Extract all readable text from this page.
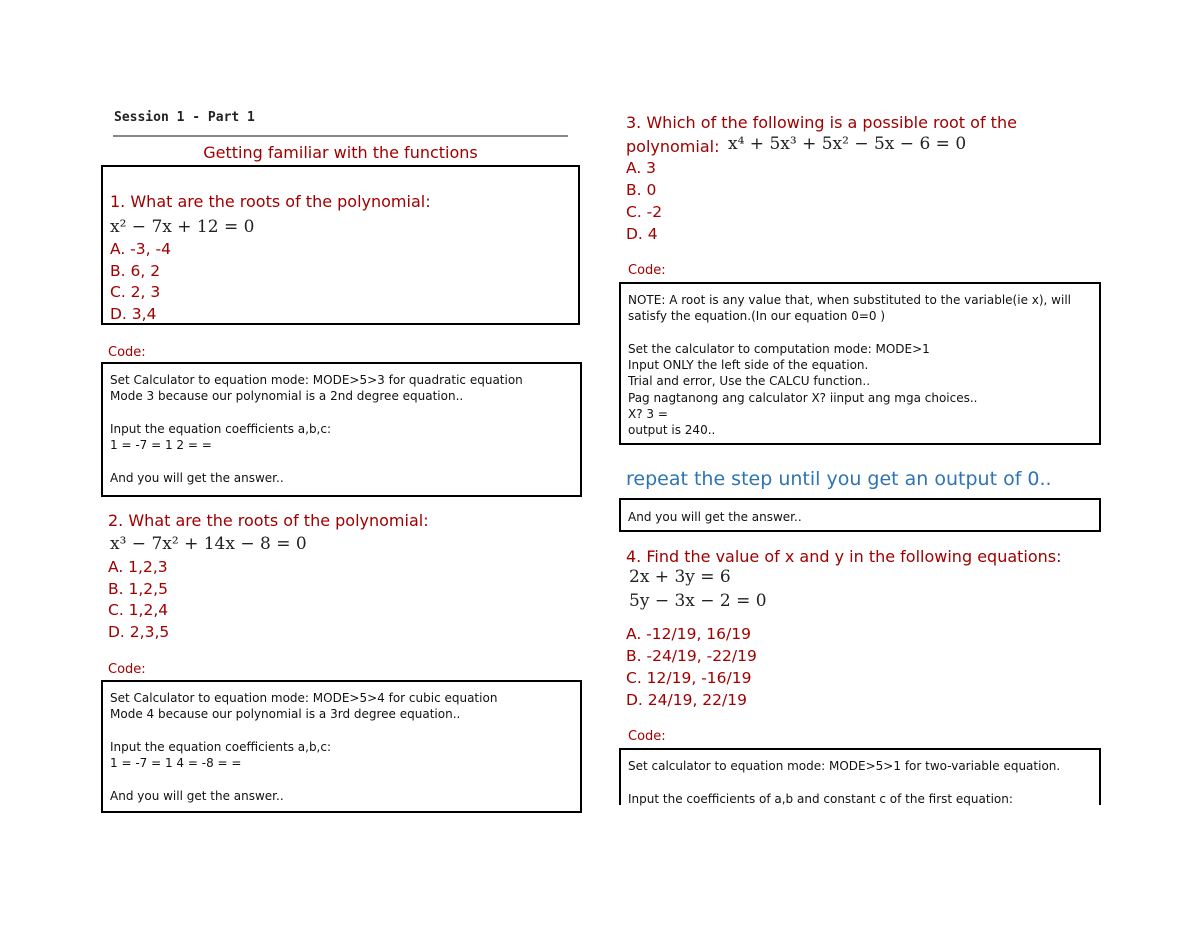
Session 1 - Part 1
Getting familiar with the functions
1. What are the roots of the polynomial:
x² − 7x + 12 = 0
A. -3, -4
B. 6, 2
C. 2, 3
D. 3,4
Code:
Set Calculator to equation mode: MODE>5>3 for quadratic equation
Mode 3 because our polynomial is a 2nd degree equation..
Input the equation coefficients a,b,c:
1 = -7 = 1 2 = =
And you will get the answer..
2. What are the roots of the polynomial:
x³ − 7x² + 14x − 8 = 0
A. 1,2,3
B. 1,2,5
C. 1,2,4
D. 2,3,5
Code:
Set Calculator to equation mode: MODE>5>4 for cubic equation
Mode 4 because our polynomial is a 3rd degree equation..
Input the equation coefficients a,b,c:
1 = -7 = 1 4 = -8 = =
And you will get the answer..
3. Which of the following is a possible root of the
polynomial: x⁴ + 5x³ + 5x² − 5x − 6 = 0
A. 3
B. 0
C. -2
D. 4
Code:
NOTE: A root is any value that, when substituted to the variable(ie x), will
satisfy the equation.(In our equation 0=0 )
Set the calculator to computation mode: MODE>1
Input ONLY the left side of the equation.
Trial and error, Use the CALCU function..
Pag nagtanong ang calculator X? iinput ang mga choices..
X? 3 =
output is 240..
repeat the step until you get an output of 0..
And you will get the answer..
4. Find the value of x and y in the following equations:
2x + 3y = 6
5y − 3x − 2 = 0
A. -12/19, 16/19
B. -24/19, -22/19
C. 12/19, -16/19
D. 24/19, 22/19
Code:
Set calculator to equation mode: MODE>5>1 for two-variable equation.
Input the coefficients of a,b and constant c of the first equation:
